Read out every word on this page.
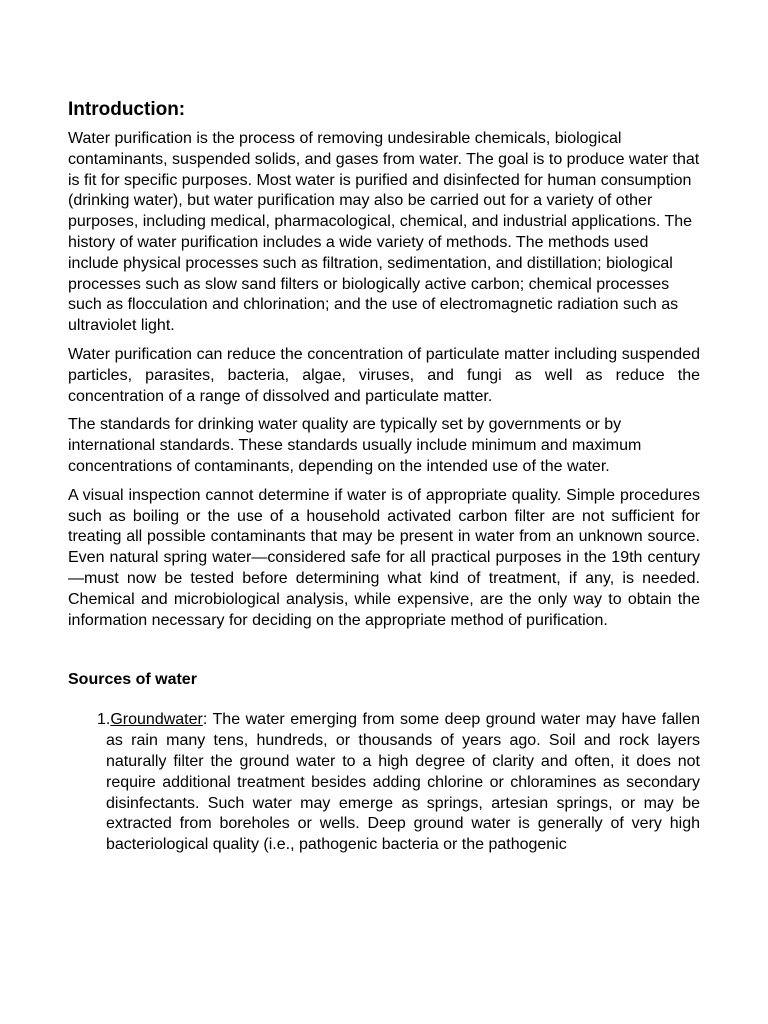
Introduction:

Water purification is the process of removing undesirable chemicals, biological contaminants, suspended solids, and gases from water. The goal is to produce water that is fit for specific purposes. Most water is purified and disinfected for human consumption (drinking water), but water purification may also be carried out for a variety of other purposes, including medical, pharmacological, chemical, and industrial applications. The history of water purification includes a wide variety of methods. The methods used include physical processes such as filtration, sedimentation, and distillation; biological processes such as slow sand filters or biologically active carbon; chemical processes such as flocculation and chlorination; and the use of electromagnetic radiation such as ultraviolet light.

Water purification can reduce the concentration of particulate matter including suspended particles, parasites, bacteria, algae, viruses, and fungi as well as reduce the concentration of a range of dissolved and particulate matter.

The standards for drinking water quality are typically set by governments or by international standards. These standards usually include minimum and maximum concentrations of contaminants, depending on the intended use of the water.

A visual inspection cannot determine if water is of appropriate quality. Simple procedures such as boiling or the use of a household activated carbon filter are not sufficient for treating all possible contaminants that may be present in water from an unknown source. Even natural spring water—considered safe for all practical purposes in the 19th century—must now be tested before determining what kind of treatment, if any, is needed. Chemical and microbiological analysis, while expensive, are the only way to obtain the information necessary for deciding on the appropriate method of purification.

Sources of water

1.Groundwater: The water emerging from some deep ground water may have fallen as rain many tens, hundreds, or thousands of years ago. Soil and rock layers naturally filter the ground water to a high degree of clarity and often, it does not require additional treatment besides adding chlorine or chloramines as secondary disinfectants. Such water may emerge as springs, artesian springs, or may be extracted from boreholes or wells. Deep ground water is generally of very high bacteriological quality (i.e., pathogenic bacteria or the pathogenic
